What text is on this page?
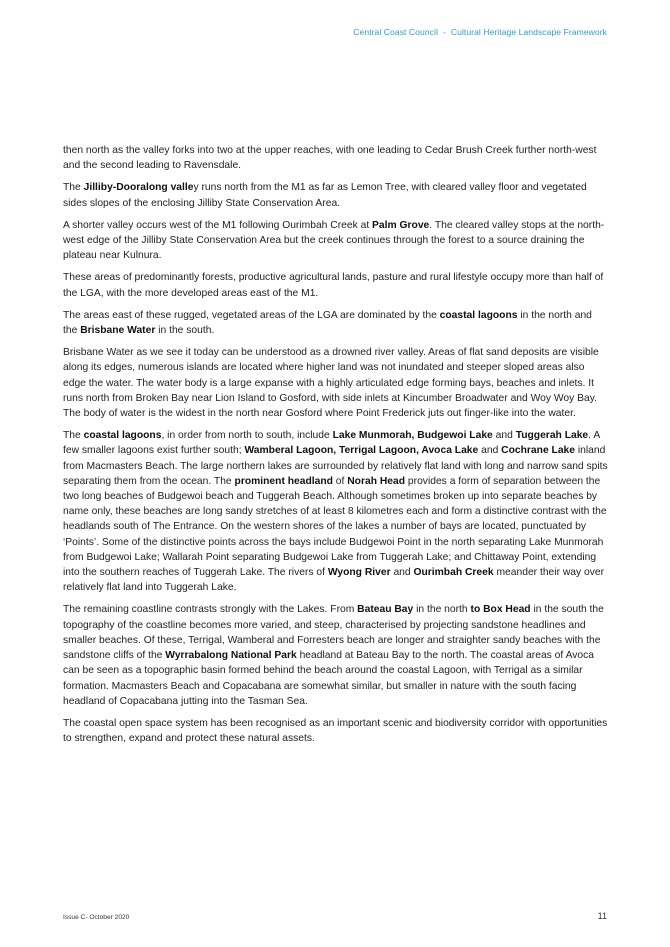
Central Coast Council - Cultural Heritage Landscape Framework

then north as the valley forks into two at the upper reaches, with one leading to Cedar Brush Creek further north-west and the second leading to Ravensdale.

The Jilliby-Dooralong valley runs north from the M1 as far as Lemon Tree, with cleared valley floor and vegetated sides slopes of the enclosing Jilliby State Conservation Area.

A shorter valley occurs west of the M1 following Ourimbah Creek at Palm Grove. The cleared valley stops at the north-west edge of the Jilliby State Conservation Area but the creek continues through the forest to a source draining the plateau near Kulnura.

These areas of predominantly forests, productive agricultural lands, pasture and rural lifestyle occupy more than half of the LGA, with the more developed areas east of the M1.

The areas east of these rugged, vegetated areas of the LGA are dominated by the coastal lagoons in the north and the Brisbane Water in the south.

Brisbane Water as we see it today can be understood as a drowned river valley. Areas of flat sand deposits are visible along its edges, numerous islands are located where higher land was not inundated and steeper sloped areas also edge the water. The water body is a large expanse with a highly articulated edge forming bays, beaches and inlets. It runs north from Broken Bay near Lion Island to Gosford, with side inlets at Kincumber Broadwater and Woy Woy Bay. The body of water is the widest in the north near Gosford where Point Frederick juts out finger-like into the water.

The coastal lagoons, in order from north to south, include Lake Munmorah, Budgewoi Lake and Tuggerah Lake. A few smaller lagoons exist further south; Wamberal Lagoon, Terrigal Lagoon, Avoca Lake and Cochrane Lake inland from Macmasters Beach. The large northern lakes are surrounded by relatively flat land with long and narrow sand spits separating them from the ocean. The prominent headland of Norah Head provides a form of separation between the two long beaches of Budgewoi beach and Tuggerah Beach. Although sometimes broken up into separate beaches by name only, these beaches are long sandy stretches of at least 8 kilometres each and form a distinctive contrast with the headlands south of The Entrance. On the western shores of the lakes a number of bays are located, punctuated by ‘Points’. Some of the distinctive points across the bays include Budgewoi Point in the north separating Lake Munmorah from Budgewoi Lake; Wallarah Point separating Budgewoi Lake from Tuggerah Lake; and Chittaway Point, extending into the southern reaches of Tuggerah Lake. The rivers of Wyong River and Ourimbah Creek meander their way over relatively flat land into Tuggerah Lake.

The remaining coastline contrasts strongly with the Lakes. From Bateau Bay in the north to Box Head in the south the topography of the coastline becomes more varied, and steep, characterised by projecting sandstone headlines and smaller beaches. Of these, Terrigal, Wamberal and Forresters beach are longer and straighter sandy beaches with the sandstone cliffs of the Wyrrabalong National Park headland at Bateau Bay to the north. The coastal areas of Avoca can be seen as a topographic basin formed behind the beach around the coastal Lagoon, with Terrigal as a similar formation. Macmasters Beach and Copacabana are somewhat similar, but smaller in nature with the south facing headland of Copacabana jutting into the Tasman Sea.

The coastal open space system has been recognised as an important scenic and biodiversity corridor with opportunities to strengthen, expand and protect these natural assets.

Issue C- October 2020	11
